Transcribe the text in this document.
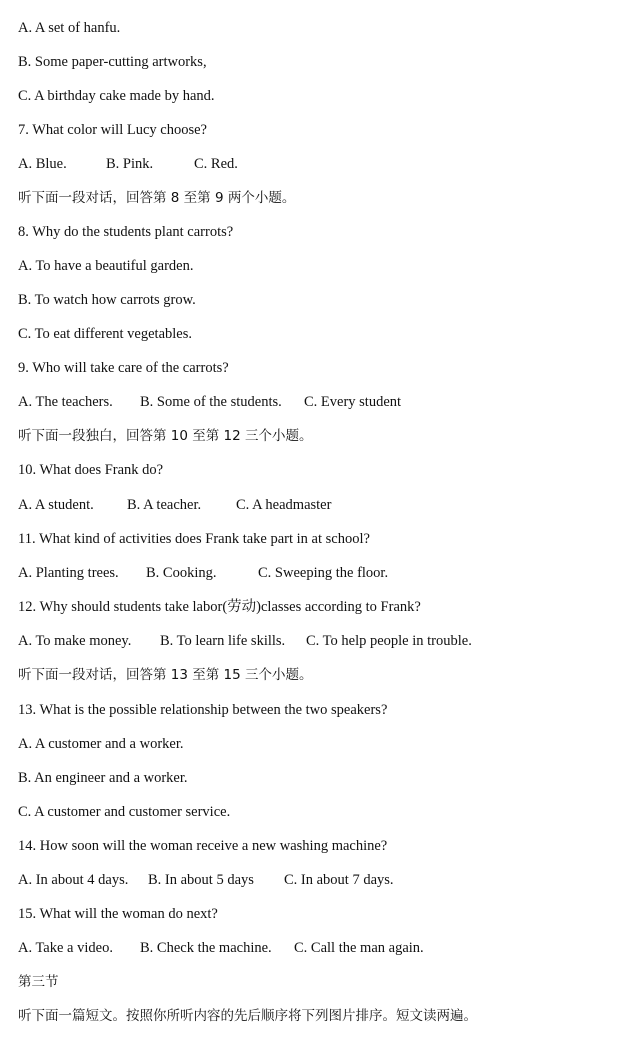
A. A set of hanfu.
B. Some paper-cutting artworks,
C. A birthday cake made by hand.
7. What color will Lucy choose?
A. Blue.	B. Pink.	C. Red.
听下面一段对话，回答第 8 至第 9 两个小题。
8. Why do the students plant carrots?
A. To have a beautiful garden.
B. To watch how carrots grow.
C. To eat different vegetables.
9. Who will take care of the carrots?
A. The teachers. B. Some of the students. C. Every student
听下面一段独白，回答第 10 至第 12 三个小题。
10. What does Frank do?
A. A student. B. A teacher. C. A headmaster
11. What kind of activities does Frank take part in at school?
A. Planting trees. B. Cooking.	C. Sweeping the floor.
12. Why should students take labor(劳动)classes according to Frank?
A. To make money. B. To learn life skills. C. To help people in trouble.
听下面一段对话，回答第 13 至第 15 三个小题。
13. What is the possible relationship between the two speakers?
A. A customer and a worker.
B. An engineer and a worker.
C. A customer and customer service.
14. How soon will the woman receive a new washing machine?
A. In about 4 days. B. In about 5 days C. In about 7 days.
15. What will the woman do next?
A. Take a video. B. Check the machine. C. Call the man again.
第三节
听下面一篇短文。按照你所听内容的先后顺序将下列图片排序。短文读两遍。
